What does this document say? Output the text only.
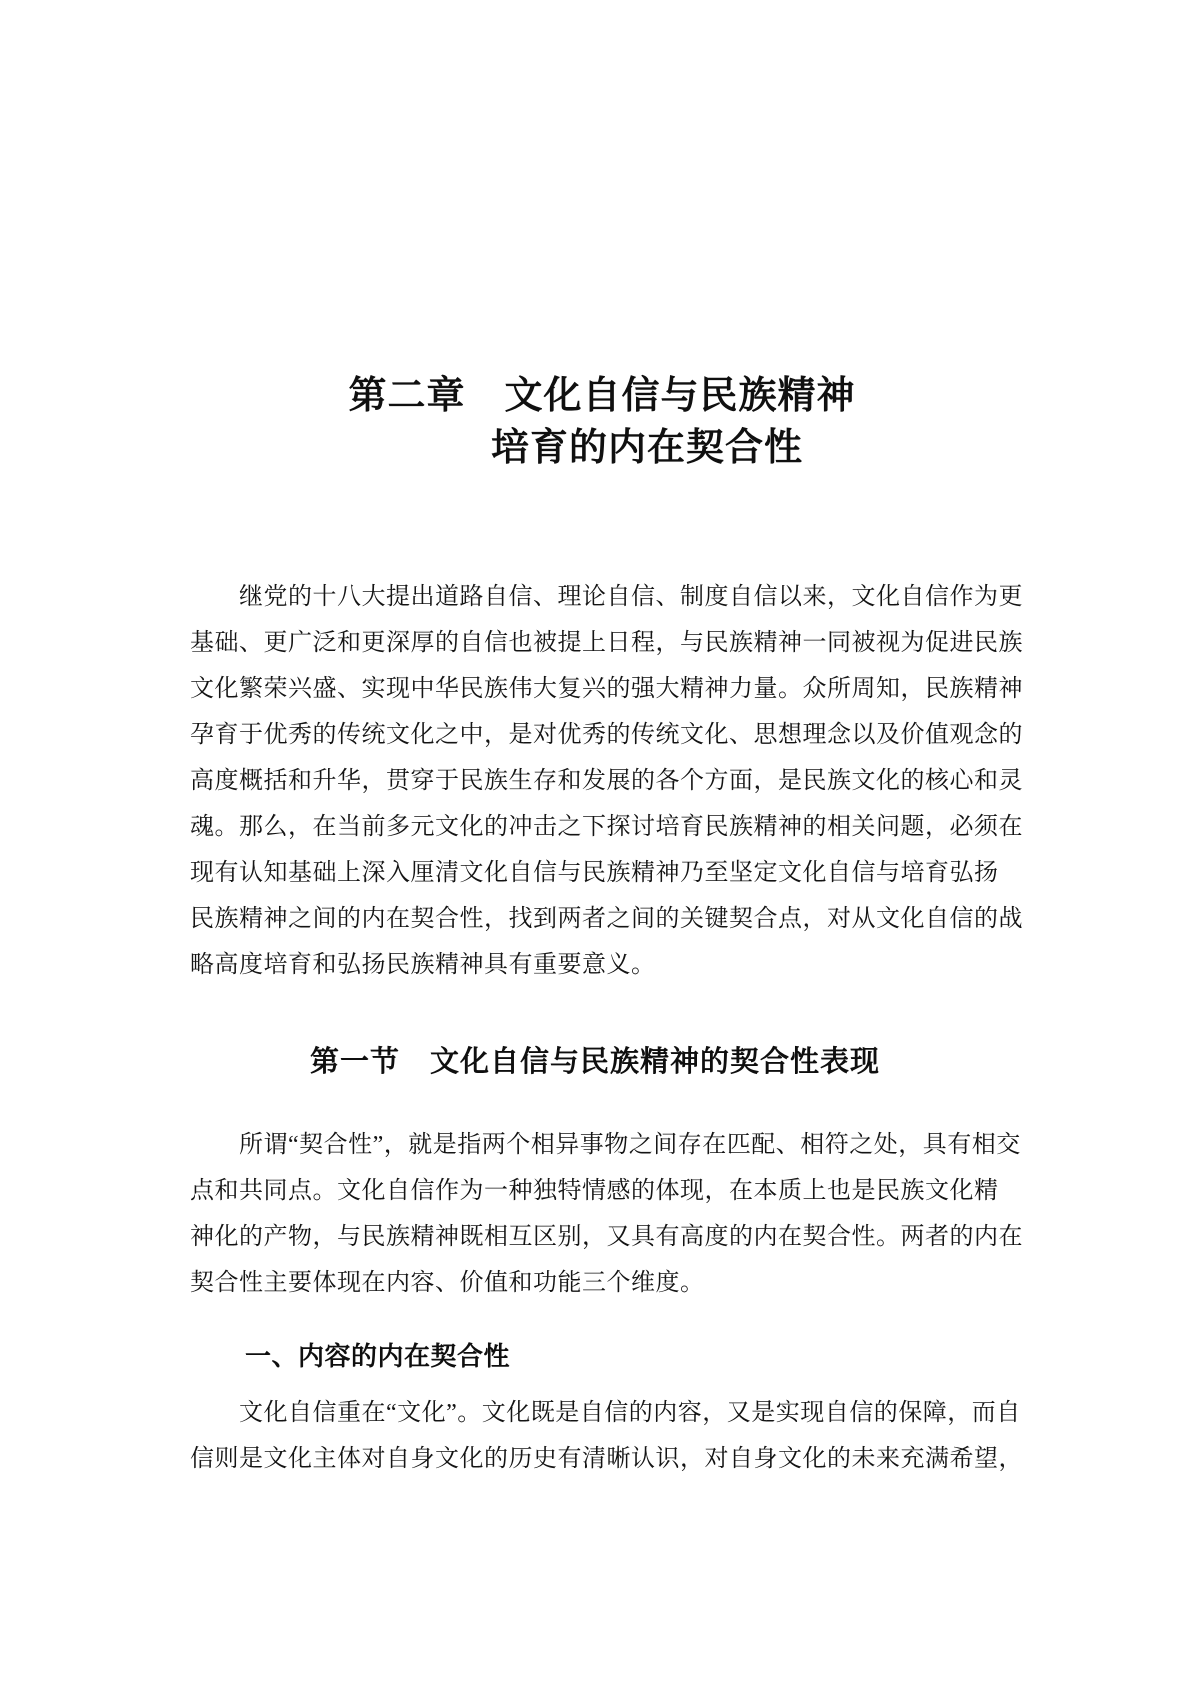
第二章　文化自信与民族精神
培育的内在契合性
　　继党的十八大提出道路自信、理论自信、制度自信以来，文化自信作为更
基础、更广泛和更深厚的自信也被提上日程，与民族精神一同被视为促进民族
文化繁荣兴盛、实现中华民族伟大复兴的强大精神力量。众所周知，民族精神
孕育于优秀的传统文化之中，是对优秀的传统文化、思想理念以及价值观念的
高度概括和升华，贯穿于民族生存和发展的各个方面，是民族文化的核心和灵
魂。那么，在当前多元文化的冲击之下探讨培育民族精神的相关问题，必须在
现有认知基础上深入厘清文化自信与民族精神乃至坚定文化自信与培育弘扬
民族精神之间的内在契合性，找到两者之间的关键契合点，对从文化自信的战
略高度培育和弘扬民族精神具有重要意义。
第一节　文化自信与民族精神的契合性表现
　　所谓“契合性”，就是指两个相异事物之间存在匹配、相符之处，具有相交
点和共同点。文化自信作为一种独特情感的体现，在本质上也是民族文化精
神化的产物，与民族精神既相互区别，又具有高度的内在契合性。两者的内在
契合性主要体现在内容、价值和功能三个维度。
一、内容的内在契合性
　　文化自信重在“文化”。文化既是自信的内容，又是实现自信的保障，而自
信则是文化主体对自身文化的历史有清晰认识，对自身文化的未来充满希望，
